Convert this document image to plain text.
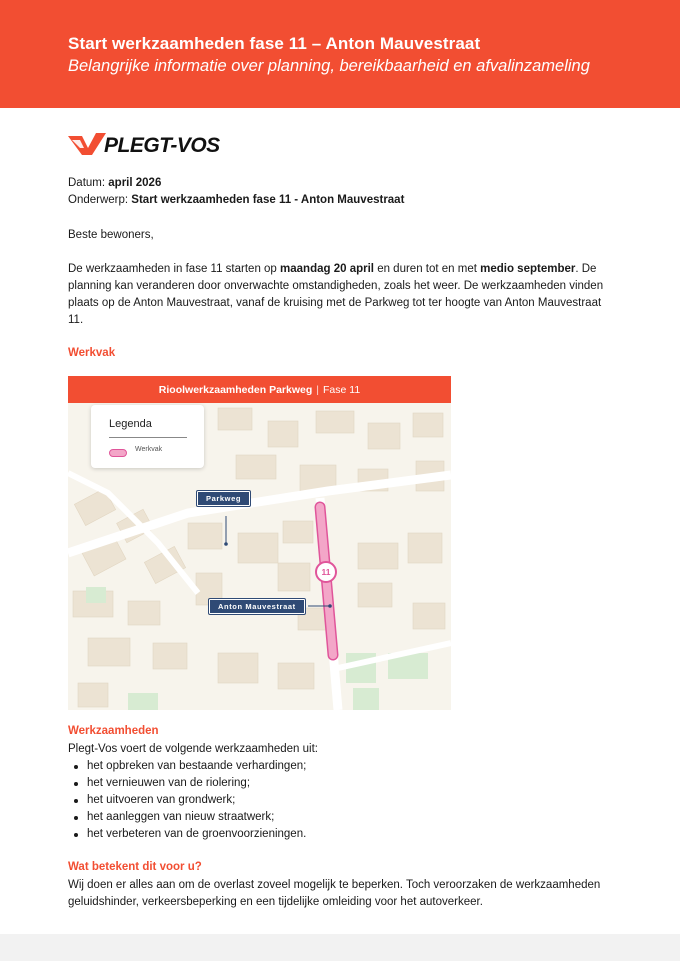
Start werkzaamheden fase 11 – Anton Mauvestraat

Belangrijke informatie over planning, bereikbaarheid en afvalinzameling

PLEGT-VOS
Datum: april 2026
Onderwerp: Start werkzaamheden fase 11 - Anton Mauvestraat

Beste bewoners,

De werkzaamheden in fase 11 starten op maandag 20 april en duren tot en met medio september. De planning kan veranderen door onverwachte omstandigheden, zoals het weer. De werkzaamheden vinden plaats op de Anton Mauvestraat, vanaf de kruising met de Parkweg tot ter hoogte van Anton Mauvestraat 11.

Werkvak
Rioolwerkzaamheden Parkweg | Fase 11
Legenda
Werkvak
Parkweg
Anton Mauvestraat
11
Werkzaamheden

Plegt-Vos voert de volgende werkzaamheden uit:

het opbreken van bestaande verhardingen;
het vernieuwen van de riolering;
het uitvoeren van grondwerk;
het aanleggen van nieuw straatwerk;
het verbeteren van de groenvoorzieningen.
Wat betekent dit voor u?

Wij doen er alles aan om de overlast zoveel mogelijk te beperken. Toch veroorzaken de werkzaamheden geluidshinder, verkeersbeperking en een tijdelijke omleiding voor het autoverkeer.
